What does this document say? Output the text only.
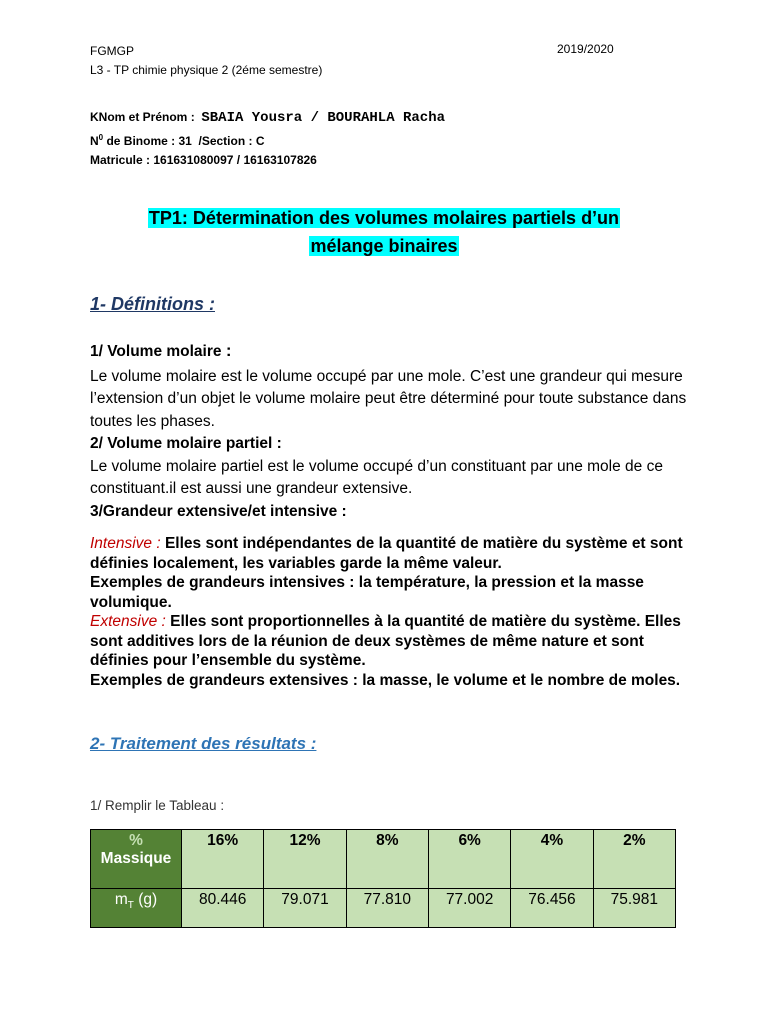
FGMGP
L3 - TP chimie physique 2 (2éme semestre)
2019/2020
KNom et Prénom :  SBAIA Yousra / BOURAHLA Racha
$N^0$ de Binome : 31  /Section : C
Matricule : 161631080097 / 16163107826
TP1: Détermination des volumes molaires partiels d’un
mélange binaires
1- Définitions :
1/ Volume molaire :
Le volume molaire est le volume occupé par une mole. C’est une grandeur qui mesure l’extension d’un objet le volume molaire peut être déterminé pour toute substance dans toutes les phases.
2/ Volume molaire partiel :
Le volume molaire partiel est le volume occupé d’un constituant par une mole de ce constituant.il est aussi une grandeur extensive.
3/Grandeur extensive/et intensive :
Intensive : Elles sont indépendantes de la quantité de matière du système et sont définies localement, les variables garde la même valeur.
Exemples de grandeurs intensives : la température, la pression et la masse volumique.
Extensive : Elles sont proportionnelles à la quantité de matière du système. Elles sont additives lors de la réunion de deux systèmes de même nature et sont définies pour l’ensemble du système.
Exemples de grandeurs extensives : la masse, le volume et le nombre de moles.
2- Traitement des résultats :
1/ Remplir le Tableau :
%
Massique	16%	12%	8%	6%	4%	2%
$m_T$ (g)	80.446	79.071	77.810	77.002	76.456	75.981
